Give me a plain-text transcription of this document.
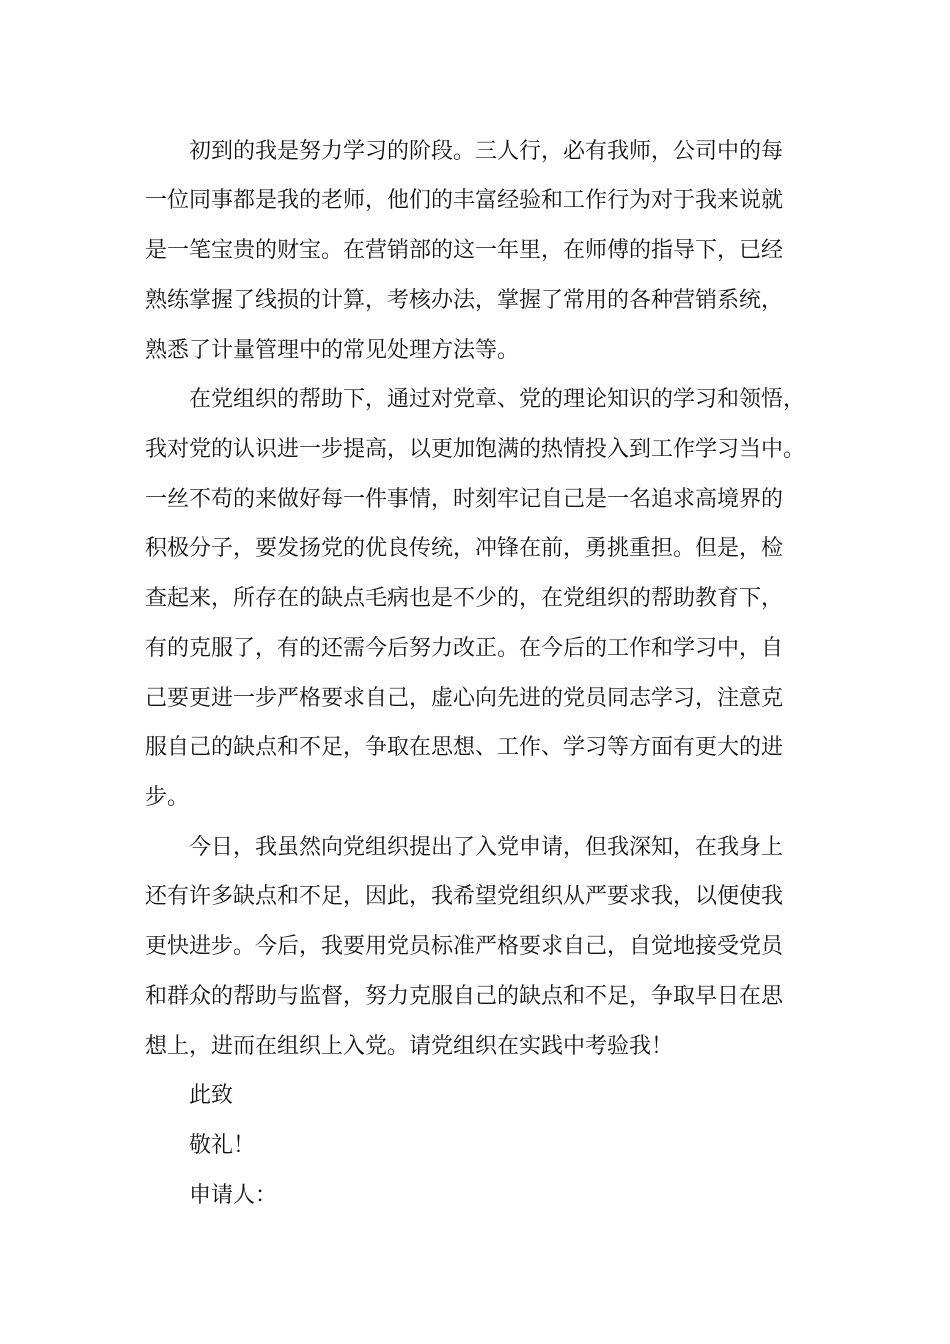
初到的我是努力学习的阶段。三人行，必有我师，公司中的每
一位同事都是我的老师，他们的丰富经验和工作行为对于我来说就
是一笔宝贵的财宝。在营销部的这一年里，在师傅的指导下，已经
熟练掌握了线损的计算，考核办法，掌握了常用的各种营销系统，
熟悉了计量管理中的常见处理方法等。
在党组织的帮助下，通过对党章、党的理论知识的学习和领悟，
我对党的认识进一步提高，以更加饱满的热情投入到工作学习当中。
一丝不苟的来做好每一件事情，时刻牢记自己是一名追求高境界的
积极分子，要发扬党的优良传统，冲锋在前，勇挑重担。但是，检
查起来，所存在的缺点毛病也是不少的，在党组织的帮助教育下，
有的克服了，有的还需今后努力改正。在今后的工作和学习中，自
己要更进一步严格要求自己，虚心向先进的党员同志学习，注意克
服自己的缺点和不足，争取在思想、工作、学习等方面有更大的进
步。
今日，我虽然向党组织提出了入党申请，但我深知，在我身上
还有许多缺点和不足，因此，我希望党组织从严要求我，以便使我
更快进步。今后，我要用党员标准严格要求自己，自觉地接受党员
和群众的帮助与监督，努力克服自己的缺点和不足，争取早日在思
想上，进而在组织上入党。请党组织在实践中考验我！
此致
敬礼！
申请人：
